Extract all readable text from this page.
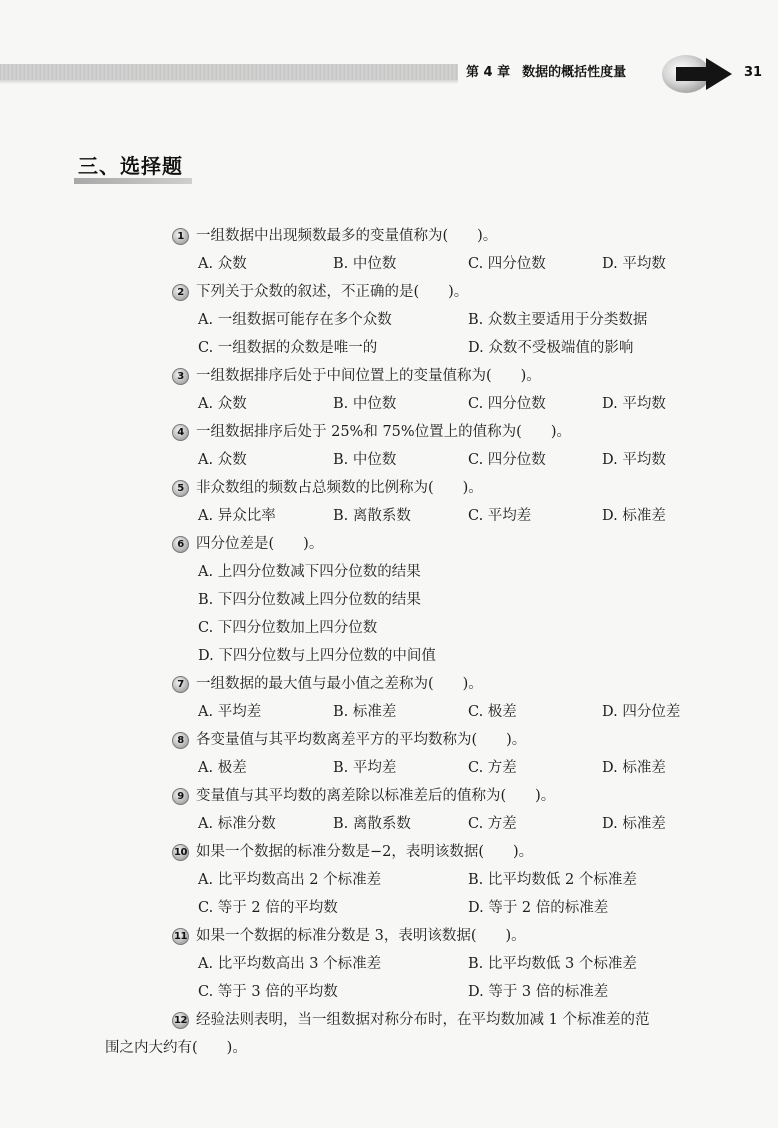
第 4 章 数据的概括性度量	31
三、选择题
1 一组数据中出现频数最多的变量值称为(　　)。
A. 众数	B. 中位数	C. 四分位数	D. 平均数
2 下列关于众数的叙述，不正确的是(　　)。
A. 一组数据可能存在多个众数	B. 众数主要适用于分类数据
C. 一组数据的众数是唯一的	D. 众数不受极端值的影响
3 一组数据排序后处于中间位置上的变量值称为(　　)。
A. 众数	B. 中位数	C. 四分位数	D. 平均数
4 一组数据排序后处于 25%和 75%位置上的值称为(　　)。
A. 众数	B. 中位数	C. 四分位数	D. 平均数
5 非众数组的频数占总频数的比例称为(　　)。
A. 异众比率	B. 离散系数	C. 平均差	D. 标准差
6 四分位差是(　　)。
A. 上四分位数减下四分位数的结果
B. 下四分位数减上四分位数的结果
C. 下四分位数加上四分位数
D. 下四分位数与上四分位数的中间值
7 一组数据的最大值与最小值之差称为(　　)。
A. 平均差	B. 标准差	C. 极差	D. 四分位差
8 各变量值与其平均数离差平方的平均数称为(　　)。
A. 极差	B. 平均差	C. 方差	D. 标准差
9 变量值与其平均数的离差除以标准差后的值称为(　　)。
A. 标准分数	B. 离散系数	C. 方差	D. 标准差
10 如果一个数据的标准分数是−2，表明该数据(　　)。
A. 比平均数高出 2 个标准差	B. 比平均数低 2 个标准差
C. 等于 2 倍的平均数	D. 等于 2 倍的标准差
11 如果一个数据的标准分数是 3，表明该数据(　　)。
A. 比平均数高出 3 个标准差	B. 比平均数低 3 个标准差
C. 等于 3 倍的平均数	D. 等于 3 倍的标准差
12 经验法则表明，当一组数据对称分布时，在平均数加减 1 个标准差的范
围之内大约有(　　)。
